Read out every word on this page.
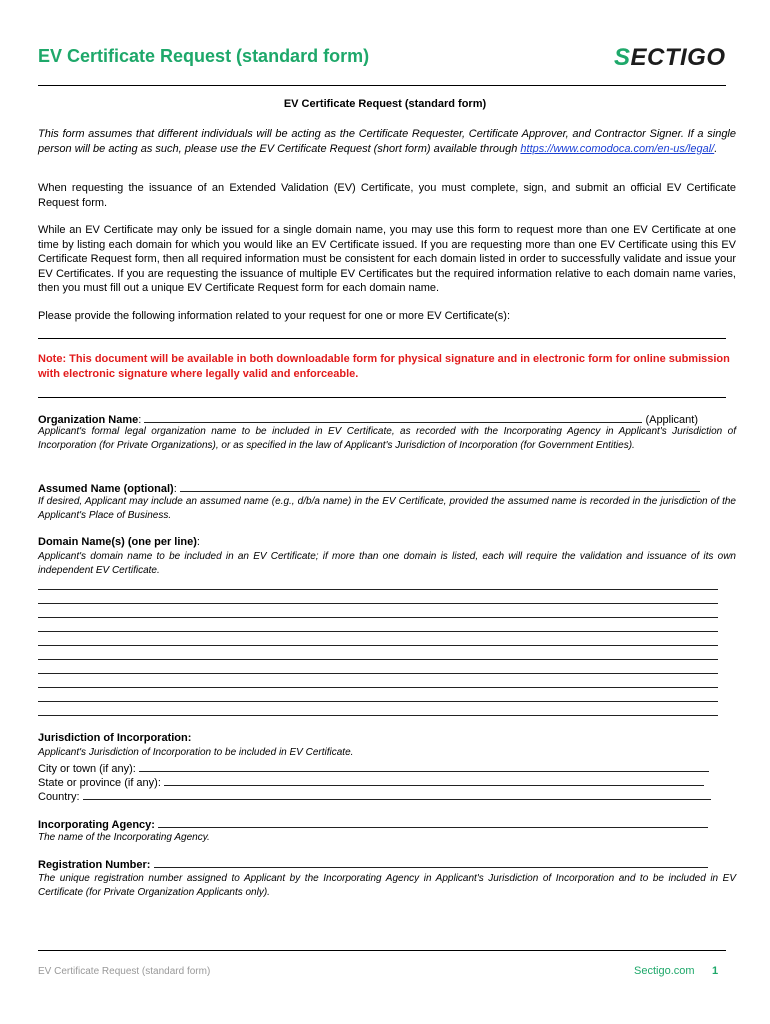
EV Certificate Request (standard form)	SECTIGO
EV Certificate Request (standard form)
This form assumes that different individuals will be acting as the Certificate Requester, Certificate Approver, and Contractor Signer. If a single person will be acting as such, please use the EV Certificate Request (short form) available through https://www.comodoca.com/en-us/legal/.
When requesting the issuance of an Extended Validation (EV) Certificate, you must complete, sign, and submit an official EV Certificate Request form.
While an EV Certificate may only be issued for a single domain name, you may use this form to request more than one EV Certificate at one time by listing each domain for which you would like an EV Certificate issued. If you are requesting more than one EV Certificate using this EV Certificate Request form, then all required information must be consistent for each domain listed in order to successfully validate and issue your EV Certificates. If you are requesting the issuance of multiple EV Certificates but the required information relative to each domain name varies, then you must fill out a unique EV Certificate Request form for each domain name.
Please provide the following information related to your request for one or more EV Certificate(s):
Note: This document will be available in both downloadable form for physical signature and in electronic form for online submission with electronic signature where legally valid and enforceable.
Organization Name:	(Applicant)
Applicant's formal legal organization name to be included in EV Certificate, as recorded with the Incorporating Agency in Applicant's Jurisdiction of Incorporation (for Private Organizations), or as specified in the law of Applicant's Jurisdiction of Incorporation (for Government Entities).
Assumed Name (optional):
If desired, Applicant may include an assumed name (e.g., d/b/a name) in the EV Certificate, provided the assumed name is recorded in the jurisdiction of the Applicant's Place of Business.
Domain Name(s) (one per line):
Applicant's domain name to be included in an EV Certificate; if more than one domain is listed, each will require the validation and issuance of its own independent EV Certificate.
Jurisdiction of Incorporation:
Applicant's Jurisdiction of Incorporation to be included in EV Certificate.
City or town (if any):
State or province (if any):
Country:
Incorporating Agency:
The name of the Incorporating Agency.
Registration Number:
The unique registration number assigned to Applicant by the Incorporating Agency in Applicant's Jurisdiction of Incorporation and to be included in EV Certificate (for Private Organization Applicants only).
EV Certificate Request (standard form)	Sectigo.com 1
